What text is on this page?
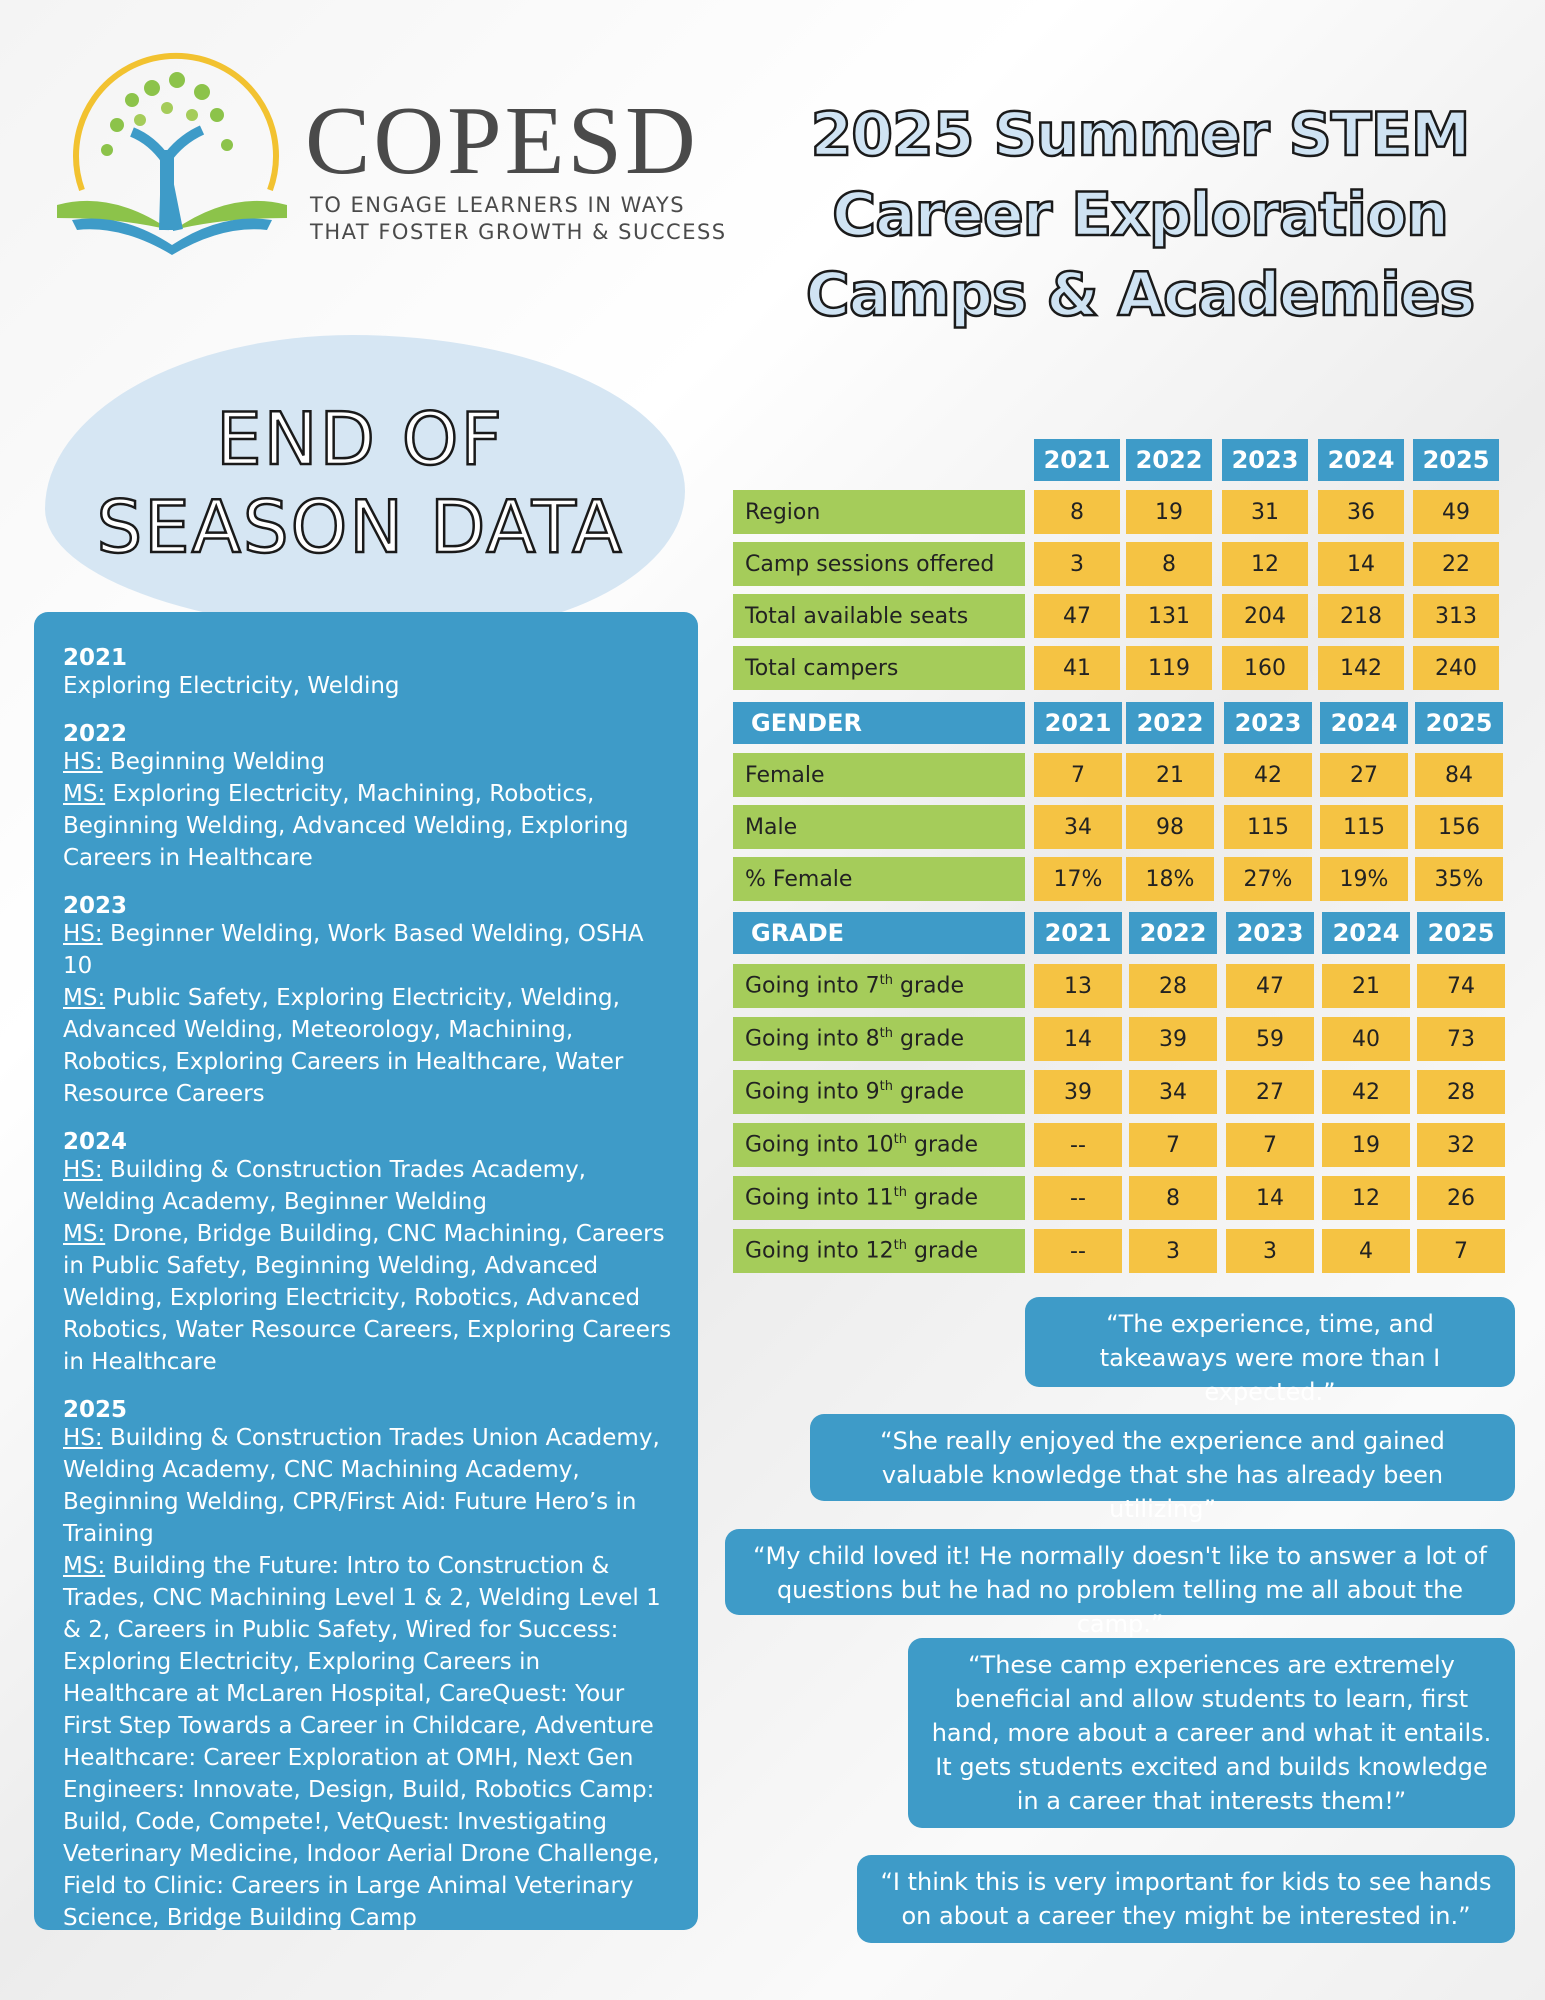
COPESD
TO ENGAGE LEARNERS IN WAYS
THAT FOSTER GROWTH & SUCCESS
2025 Summer STEM
Career Exploration
Camps & Academies
END OF
SEASON DATA
2021
Exploring Electricity, Welding
2022
HS: Beginning Welding
MS: Exploring Electricity, Machining, Robotics, Beginning Welding, Advanced Welding, Exploring Careers in Healthcare
2023
HS: Beginner Welding, Work Based Welding, OSHA 10
MS: Public Safety, Exploring Electricity, Welding, Advanced Welding, Meteorology, Machining, Robotics, Exploring Careers in Healthcare, Water Resource Careers
2024
HS: Building & Construction Trades Academy, Welding Academy, Beginner Welding
MS: Drone, Bridge Building, CNC Machining, Careers in Public Safety, Beginning Welding, Advanced Welding, Exploring Electricity, Robotics, Advanced Robotics, Water Resource Careers, Exploring Careers in Healthcare
2025
HS: Building & Construction Trades Union Academy, Welding Academy, CNC Machining Academy, Beginning Welding, CPR/First Aid: Future Hero’s in Training
MS: Building the Future: Intro to Construction & Trades, CNC Machining Level 1 & 2, Welding Level 1 & 2, Careers in Public Safety, Wired for Success: Exploring Electricity, Exploring Careers in Healthcare at McLaren Hospital, CareQuest: Your First Step Towards a Career in Childcare, Adventure Healthcare: Career Exploration at OMH, Next Gen Engineers: Innovate, Design, Build, Robotics Camp: Build, Code, Compete!, VetQuest: Investigating Veterinary Medicine, Indoor Aerial Drone Challenge, Field to Clinic: Careers in Large Animal Veterinary Science, Bridge Building Camp
2021	2022	2023	2024	2025
Region	8	19	31	36	49
Camp sessions offered	3	8	12	14	22
Total available seats	47	131	204	218	313
Total campers	41	119	160	142	240
GENDER	2021	2022	2023	2024	2025
Female	7	21	42	27	84
Male	34	98	115	115	156
% Female	17%	18%	27%	19%	35%
GRADE	2021	2022	2023	2024	2025
Going into 7th grade	13	28	47	21	74
Going into 8th grade	14	39	59	40	73
Going into 9th grade	39	34	27	42	28
Going into 10th grade	--	7	7	19	32
Going into 11th grade	--	8	14	12	26
Going into 12th grade	--	3	3	4	7
“The experience, time, and takeaways were more than I expected.”
“She really enjoyed the experience and gained valuable knowledge that she has already been utilizing”
“My child loved it! He normally doesn't like to answer a lot of questions but he had no problem telling me all about the camp.”
“These camp experiences are extremely beneficial and allow students to learn, first hand, more about a career and what it entails. It gets students excited and builds knowledge in a career that interests them!”
“I think this is very important for kids to see hands on about a career they might be interested in.”
